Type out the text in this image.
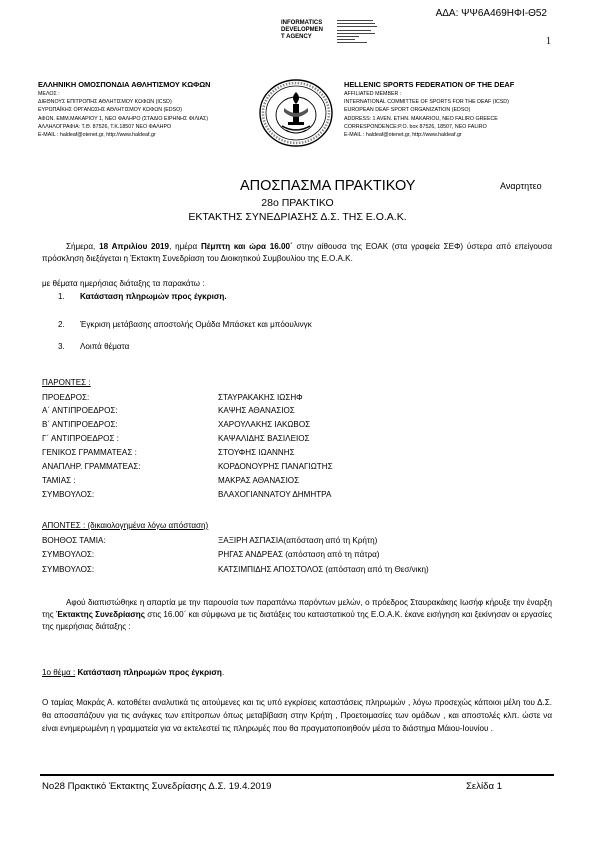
ΑΔΑ: ΨΨ6Α469ΗΦΙ-Θ52
1
INFORMATICS
DEVELOPMEN
T AGENCY
ΕΛΛΗΝΙΚΗ ΟΜΟΣΠΟΝΔΙΑ ΑΘΛΗΤΙΣΜΟΥ ΚΩΦΩΝ
ΜΕΛΟΣ :
ΔΙΕΘΝΟΥΣ ΕΠΙΤΡΟΠΗΣ ΑΘΛΗΤΙΣΜΟΥ ΚΩΦΩΝ (ICSD)
ΕΥΡΩΠΑΪΚΗΣ ΟΡΓΑΝΩΣΗΣ ΑΘΛΗΤΙΣΜΟΥ ΚΩΦΩΝ (EDSO)
ΑΦΩΝ. ΕΜΜ.ΜΑΚΑΡΙΟΥ 1, ΝΕΟ ΦΑΛΗΡΟ (ΣΤΑΔΙΟ ΕΙΡΗΝΗΣ ΦΙΛΙΑΣ)
ΑΛΛΗΛΟΓΡΑΦΙΑ: Τ.Θ. 87526, Τ.Κ.18507 ΝΕΟ ΦΑΛΗΡΟ
E-MAIL : haldeaf@otenet.gr, http://www.haldeaf.gr
HELLENIC SPORTS FEDERATION OF THE DEAF
AFFILIATED MEMBER :
INTERNATIONAL COMMITTEE OF SPORTS FOR THE DEAF (ICSD)
EUROPEAN DEAF SPORT ORGANIZATION (EDSO)
ADDRESS: 1 AVEN. ETHN. MAKARIOU, NEO FALIRO GREECE
CORRESPONDENCE:P.O. box 87526, 18507, NEO FALIRO
E-MAIL : haldeaf@otenet.gr, http://www.haldeaf.gr
ΑΠΟΣΠΑΣΜΑ ΠΡΑΚΤΙΚΟΥ	Αναρτητεο
28ο ΠΡΑΚΤΙΚΟ
ΕΚΤΑΚΤΗΣ ΣΥΝΕΔΡΙΑΣΗΣ Δ.Σ. ΤΗΣ Ε.Ο.Α.Κ.
Σήμερα, 18 Απριλίου 2019, ημέρα Πέμπτη και ώρα 16.00΄ στην αίθουσα της ΕΟΑΚ (στα γραφεία ΣΕΦ) ύστερα από επείγουσα πρόσκληση διεξάγεται η Έκτακτη Συνεδρίαση του Διοικητικού Συμβουλίου της Ε.Ο.Α.Κ.
με θέματα ημερήσιας διάταξης τα παρακάτω :
1. Κατάσταση πληρωμών προς έγκριση.
2. Έγκριση μετάβασης αποστολής Ομάδα Μπάσκετ και μπόουλινγκ
3. Λοιπά θέματα
ΠΑΡΟΝΤΕΣ :
ΠΡΟΕΔΡΟΣ:	ΣΤΑΥΡΑΚΑΚΗΣ ΙΩΣΗΦ
Α΄ ΑΝΤΙΠΡΟΕΔΡΟΣ:	ΚΑΨΗΣ ΑΘΑΝΑΣΙΟΣ
Β΄ ΑΝΤΙΠΡΟΕΔΡΟΣ:	ΧΑΡΟΥΛΑΚΗΣ ΙΑΚΩΒΟΣ
Γ΄ ΑΝΤΙΠΡΟΕΔΡΟΣ :	ΚΑΨΑΛΙΔΗΣ ΒΑΣΙΛΕΙΟΣ
ΓΕΝΙΚΟΣ ΓΡΑΜΜΑΤΕΑΣ :	ΣΤΟΥΦΗΣ ΙΩΑΝΝΗΣ
ΑΝΑΠΛΗΡ. ΓΡΑΜΜΑΤΕΑΣ:	ΚΟΡΔΟΝΟΥΡΗΣ ΠΑΝΑΓΙΩΤΗΣ
ΤΑΜΙΑΣ :	ΜΑΚΡΑΣ ΑΘΑΝΑΣΙΟΣ
ΣΥΜΒΟΥΛΟΣ:	ΒΛΑΧΟΓΙΑΝΝΑΤΟΥ ΔΗΜΗΤΡΑ
ΑΠΟΝΤΕΣ : (δικαιολογημένα λόγω απόσταση)
ΒΟΗΘΟΣ ΤΑΜΙΑ:	ΞΑΞΙΡΗ ΑΣΠΑΣΙΑ(απόσταση από τη Κρήτη)
ΣΥΜΒΟΥΛΟΣ:	ΡΗΓΑΣ ΑΝΔΡΕΑΣ (απόσταση από τη πάτρα)
ΣΥΜΒΟΥΛΟΣ:	ΚΑΤΣΙΜΠΙΔΗΣ ΑΠΟΣΤΟΛΟΣ (απόσταση από τη Θεσ/νικη)
Αφού διαπιστώθηκε η απαρτία με την παρουσία των παραπάνω παρόντων μελών, ο πρόεδρος Σταυρακάκης Ιωσήφ κήρυξε την έναρξη της Έκτακτης Συνεδρίασης στις 16.00΄ και σύμφωνα με τις διατάξεις του καταστατικού της Ε.Ο.Α.Κ. έκανε εισήγηση και ξεκίνησαν οι εργασίες της ημερήσιας διάταξης :
1ο θέμα : Κατάσταση πληρωμών προς έγκριση.
Ο ταμίας Μακράς Α. κατοθέτει αναλυτικά τις αιτούμενες και τις υπό εγκρίσεις καταστάσεις πληρωμών , λόγω προσεχώς κάποιοι μέλη του Δ.Σ. θα αποσαπάζουν για τις ανάγκες των επίτροπων όπως μεταβίβαση στην Κρήτη , Προετοιμασίες των ομάδων , και αποστολές κλπ. ώστε να είναι ενημερωμένη η γραμματεία για να εκτελεστεί τις πληρωμές που θα πραγματοποιηθούν μέσα το διάστημα Μάιου-Ιουνίου .
Νο28 Πρακτικό Έκτακτης Συνεδρίασης Δ.Σ. 19.4.2019	Σελίδα 1
